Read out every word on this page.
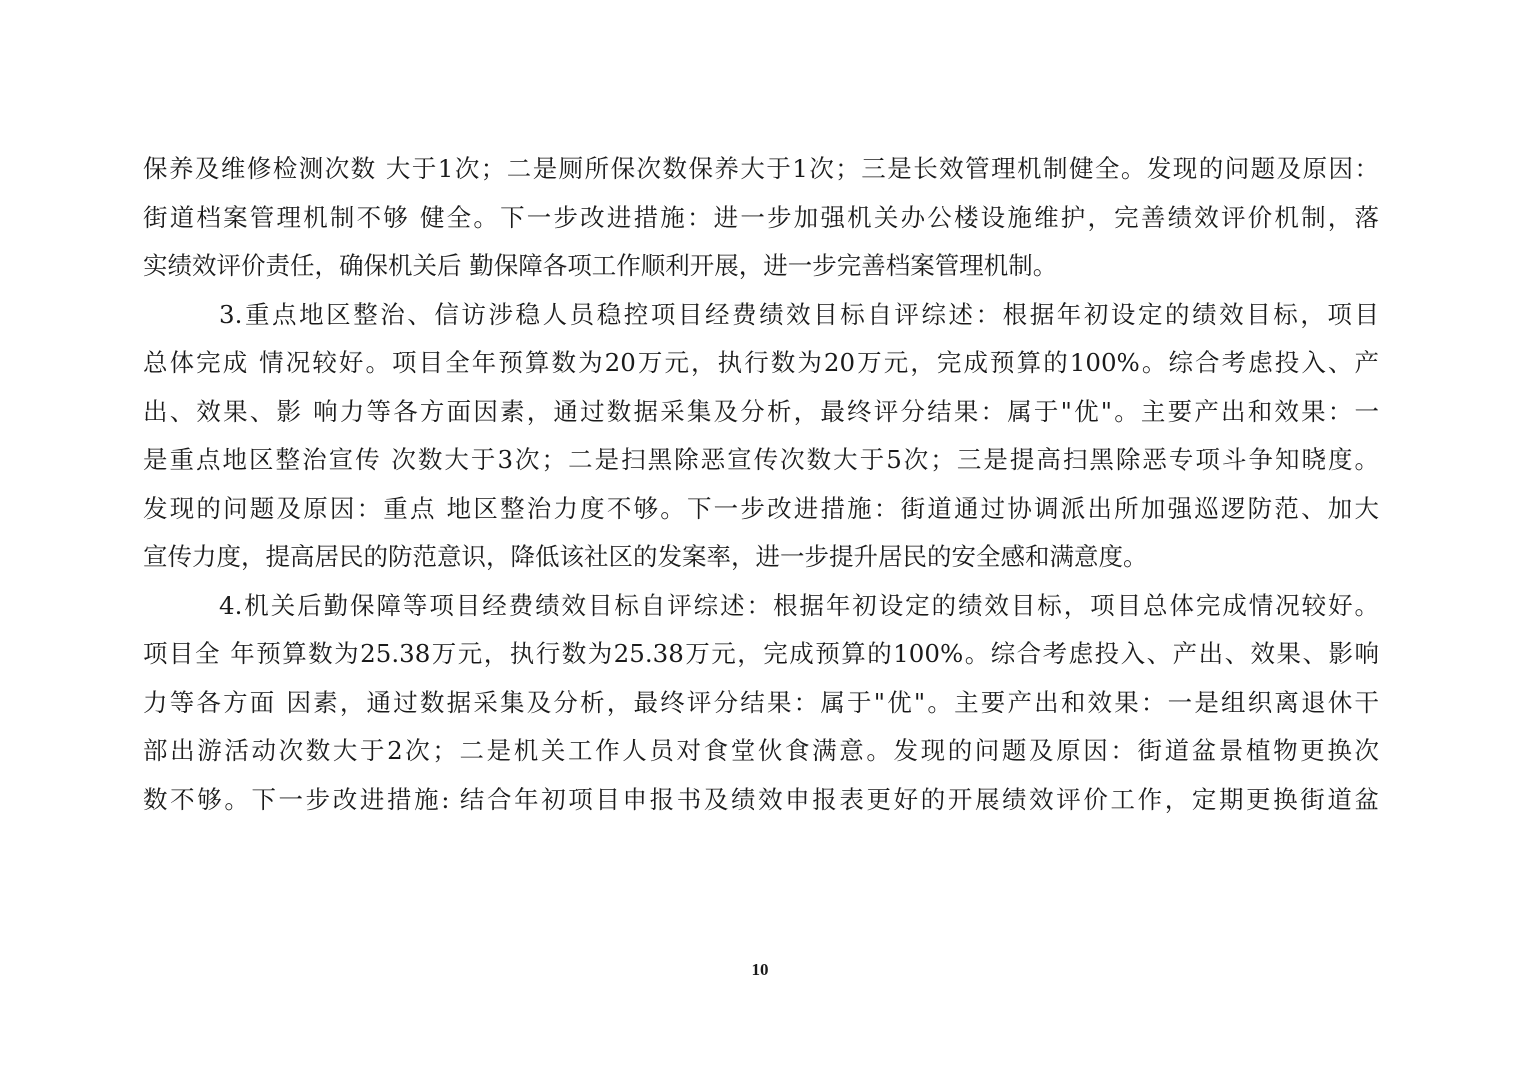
保养及维修检测次数 大于1次；二是厕所保次数保养大于1次；三是长效管理机制健全。发现的问题及原因：
街道档案管理机制不够 健全。下一步改进措施：进一步加强机关办公楼设施维护，完善绩效评价机制，落
实绩效评价责任，确保机关后 勤保障各项工作顺利开展，进一步完善档案管理机制。
3.重点地区整治、信访涉稳人员稳控项目经费绩效目标自评综述：根据年初设定的绩效目标，项目
总体完成 情况较好。项目全年预算数为20万元，执行数为20万元，完成预算的100%。综合考虑投入、产
出、效果、影 响力等各方面因素，通过数据采集及分析，最终评分结果：属于"优"。主要产出和效果：一
是重点地区整治宣传 次数大于3次；二是扫黑除恶宣传次数大于5次；三是提高扫黑除恶专项斗争知晓度。
发现的问题及原因：重点 地区整治力度不够。下一步改进措施：街道通过协调派出所加强巡逻防范、加大
宣传力度，提高居民的防范意识，降低该社区的发案率，进一步提升居民的安全感和满意度。
4.机关后勤保障等项目经费绩效目标自评综述：根据年初设定的绩效目标，项目总体完成情况较好。
项目全 年预算数为25.38万元，执行数为25.38万元，完成预算的100%。综合考虑投入、产出、效果、影响
力等各方面 因素，通过数据采集及分析，最终评分结果：属于"优"。主要产出和效果：一是组织离退休干
部出游活动次数大于2次；二是机关工作人员对食堂伙食满意。发现的问题及原因：街道盆景植物更换次
数不够。下一步改进措施: 结合年初项目申报书及绩效申报表更好的开展绩效评价工作，定期更换街道盆
10
